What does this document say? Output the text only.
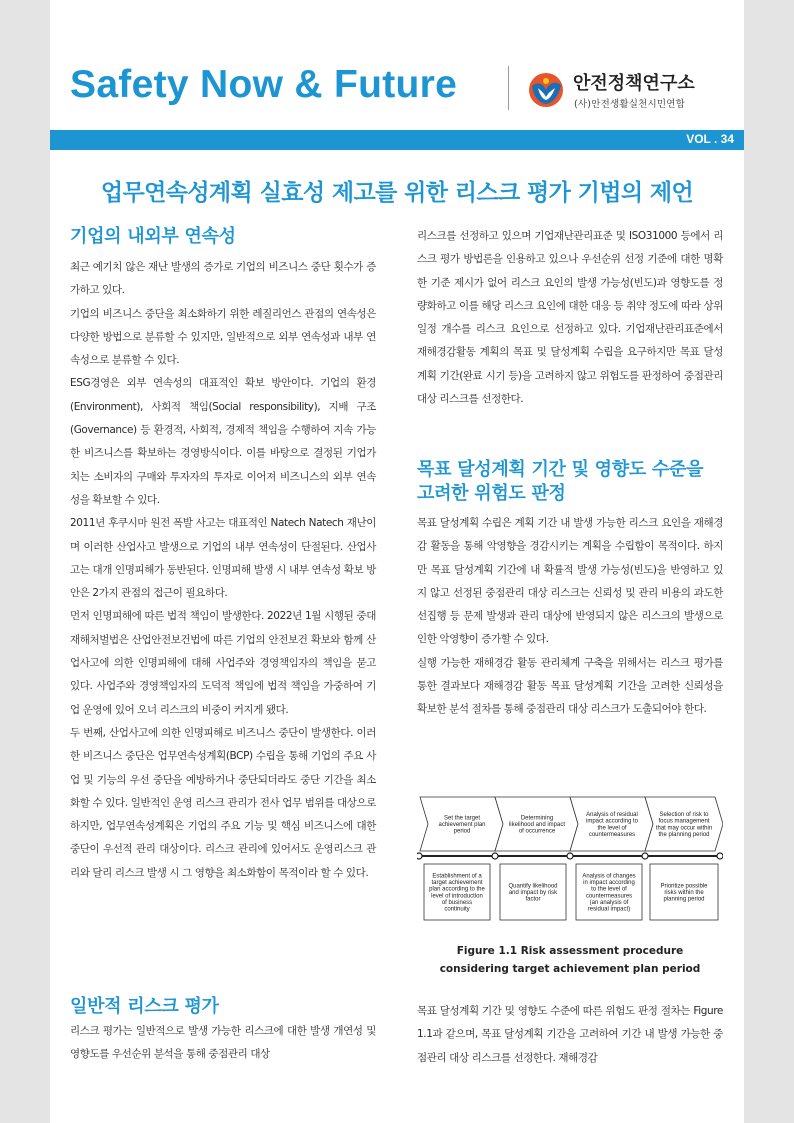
Safety Now & Future	안전정책연구소
(사)안전생활실천시민연합
VOL . 34
업무연속성계획 실효성 제고를 위한 리스크 평가 기법의 제언
기업의 내외부 연속성

최근 예기치 않은 재난 발생의 증가로 기업의 비즈니스 중단 횟수가 증가하고 있다.

기업의 비즈니스 중단을 최소화하기 위한 레질리언스 관점의 연속성은 다양한 방법으로 분류할 수 있지만, 일반적으로 외부 연속성과 내부 연속성으로 분류할 수 있다.

ESG경영은 외부 연속성의 대표적인 확보 방안이다. 기업의 환경(Environment), 사회적 책임(Social responsibility), 지배 구조(Governance) 등 환경적, 사회적, 경제적 책임을 수행하여 지속 가능한 비즈니스를 확보하는 경영방식이다. 이를 바탕으로 결정된 기업가치는 소비자의 구매와 투자자의 투자로 이어져 비즈니스의 외부 연속성을 확보할 수 있다.

2011년 후쿠시마 원전 폭발 사고는 대표적인 Natech Natech 재난이며 이러한 산업사고 발생으로 기업의 내부 연속성이 단절된다. 산업사고는 대개 인명피해가 동반된다. 인명피해 발생 시 내부 연속성 확보 방안은 2가지 관점의 접근이 필요하다.

먼저 인명피해에 따른 법적 책임이 발생한다. 2022년 1월 시행된 중대재해처벌법은 산업안전보건법에 따른 기업의 안전보건 확보와 함께 산업사고에 의한 인명피해에 대해 사업주와 경영책임자의 책임을 묻고 있다. 사업주와 경영책임자의 도덕적 책임에 법적 책임을 가중하여 기업 운영에 있어 오너 리스크의 비중이 커지게 됐다.

두 번째, 산업사고에 의한 인명피해로 비즈니스 중단이 발생한다. 이러한 비즈니스 중단은 업무연속성계획(BCP) 수립을 통해 기업의 주요 사업 및 기능의 우선 중단을 예방하거나 중단되더라도 중단 기간을 최소화할 수 있다. 일반적인 운영 리스크 관리가 전사 업무 범위를 대상으로 하지만, 업무연속성계획은 기업의 주요 기능 및 핵심 비즈니스에 대한 중단이 우선적 관리 대상이다. 리스크 관리에 있어서도 운영리스크 관리와 달리 리스크 발생 시 그 영향을 최소화함이 목적이라 할 수 있다.

일반적 리스크 평가
리스크 평가는 일반적으로 발생 가능한 리스크에 대한 발생 개연성 및 영향도를 우선순위 분석을 통해 중점관리 대상
리스크를 선정하고 있으며 기업재난관리표준 및 ISO31000 등에서 리스크 평가 방법론을 인용하고 있으나 우선순위 선정 기준에 대한 명확한 기준 제시가 없어 리스크 요인의 발생 가능성(빈도)과 영향도를 정량화하고 이를 해당 리스크 요인에 대한 대응 등 취약 정도에 따라 상위 일정 개수를 리스크 요인으로 선정하고 있다. 기업재난관리표준에서 재해경감활동 계획의 목표 및 달성계획 수립을 요구하지만 목표 달성계획 기간(완료 시기 등)을 고려하지 않고 위험도를 판정하여 중점관리 대상 리스크를 선정한다.
목표 달성계획 기간 및 영향도 수준을 고려한 위험도 판정

목표 달성계획 수립은 계획 기간 내 발생 가능한 리스크 요인을 재해경감 활동을 통해 악영향을 경감시키는 계획을 수립함이 목적이다. 하지만 목표 달성계획 기간에 내 확률적 발생 가능성(빈도)을 반영하고 있지 않고 선정된 중점관리 대상 리스크는 신뢰성 및 관리 비용의 과도한 선집행 등 문제 발생과 관리 대상에 반영되지 않은 리스크의 발생으로 인한 악영향이 증가할 수 있다.

실행 가능한 재해경감 활동 관리체계 구축을 위해서는 리스크 평가를 통한 결과보다 재해경감 활동 목표 달성계획 기간을 고려한 신뢰성을 확보한 분석 절차를 통해 중점관리 대상 리스크가 도출되어야 한다.

Set the target achievement plan period
Determining likelihood and impact of occurrence
Analysis of residual impact according to the level of countermeasures
Selection of risk to focus management that may occur within the planning period
Establishment of a target achievement plan according to the level of introduction of business continuity
Quantify likelihood and impact by risk factor
Analysis of changes in impact according to the level of countermeasures (an analysis of residual impact)
Prioritize possible risks within the planning period
Figure 1.1 Risk assessment procedure
considering target achievement plan period
목표 달성계획 기간 및 영향도 수준에 따른 위험도 판정 절차는 Figure 1.1과 같으며, 목표 달성계획 기간을 고려하여 기간 내 발생 가능한 중점관리 대상 리스크를 선정한다. 재해경감
